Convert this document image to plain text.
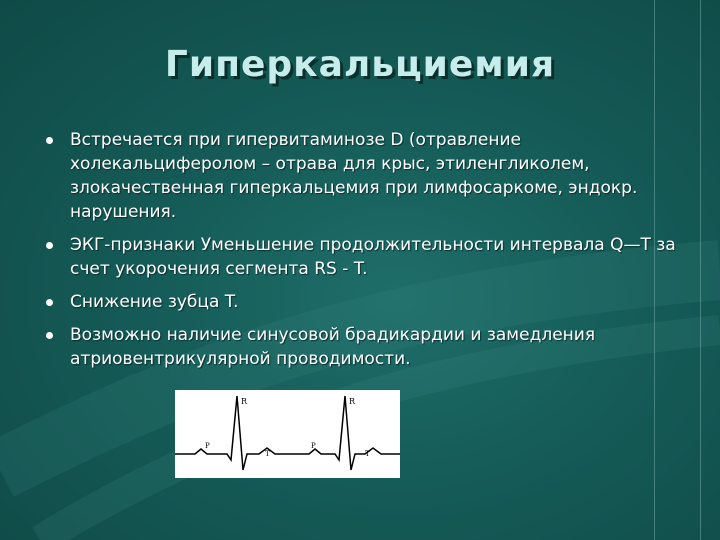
Гиперкальциемия
Встречается при гипервитаминозе D (отравление холекальциферолом – отрава для крыс, этиленгликолем, злокачественная гиперкальцемия при лимфосаркоме, эндокр. нарушения.
ЭКГ-признаки Уменьшение продолжительности интервала Q—T за счет укорочения сегмента RS - T.
Снижение зубца T.
Возможно наличие синусовой брадикардии и замедления атриовентрикулярной проводимости.
R	R
P	P
T	T
